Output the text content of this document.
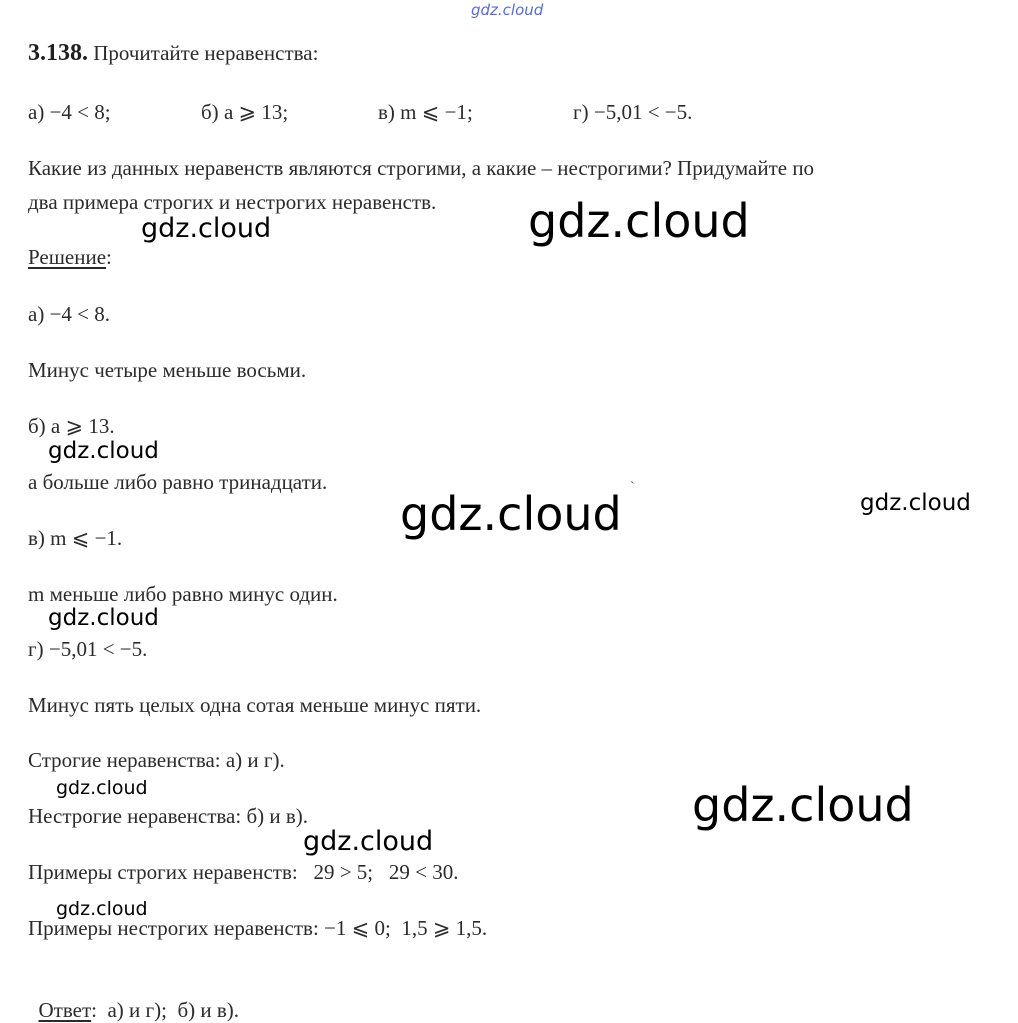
gdz.cloud
gdz.cloud
gdz.cloud
gdz.cloud
gdz.cloud	gdz.cloud
gdz.cloud
gdz.cloud	gdz.cloud
gdz.cloud
gdz.cloud
`
3.138. Прочитайте неравенства:
а) −4 < 8;	б) a ⩾ 13;	в) m ⩽ −1;	г) −5,01 < −5.
Какие из данных неравенств являются строгими, а какие – нестрогими? Придумайте по
два примера строгих и нестрогих неравенств.
Решение:
а) −4 < 8.
Минус четыре меньше восьми.
б) a ⩾ 13.
a больше либо равно тринадцати.
в) m ⩽ −1.
m меньше либо равно минус один.
г) −5,01 < −5.
Минус пять целых одна сотая меньше минус пяти.
Строгие неравенства: а) и г).
Нестрогие неравенства: б) и в).
Примеры строгих неравенств:   29 > 5;   29 < 30.
Примеры нестрогих неравенств: −1 ⩽ 0;  1,5 ⩾ 1,5.

Ответ:  а) и г);  б) и в).
